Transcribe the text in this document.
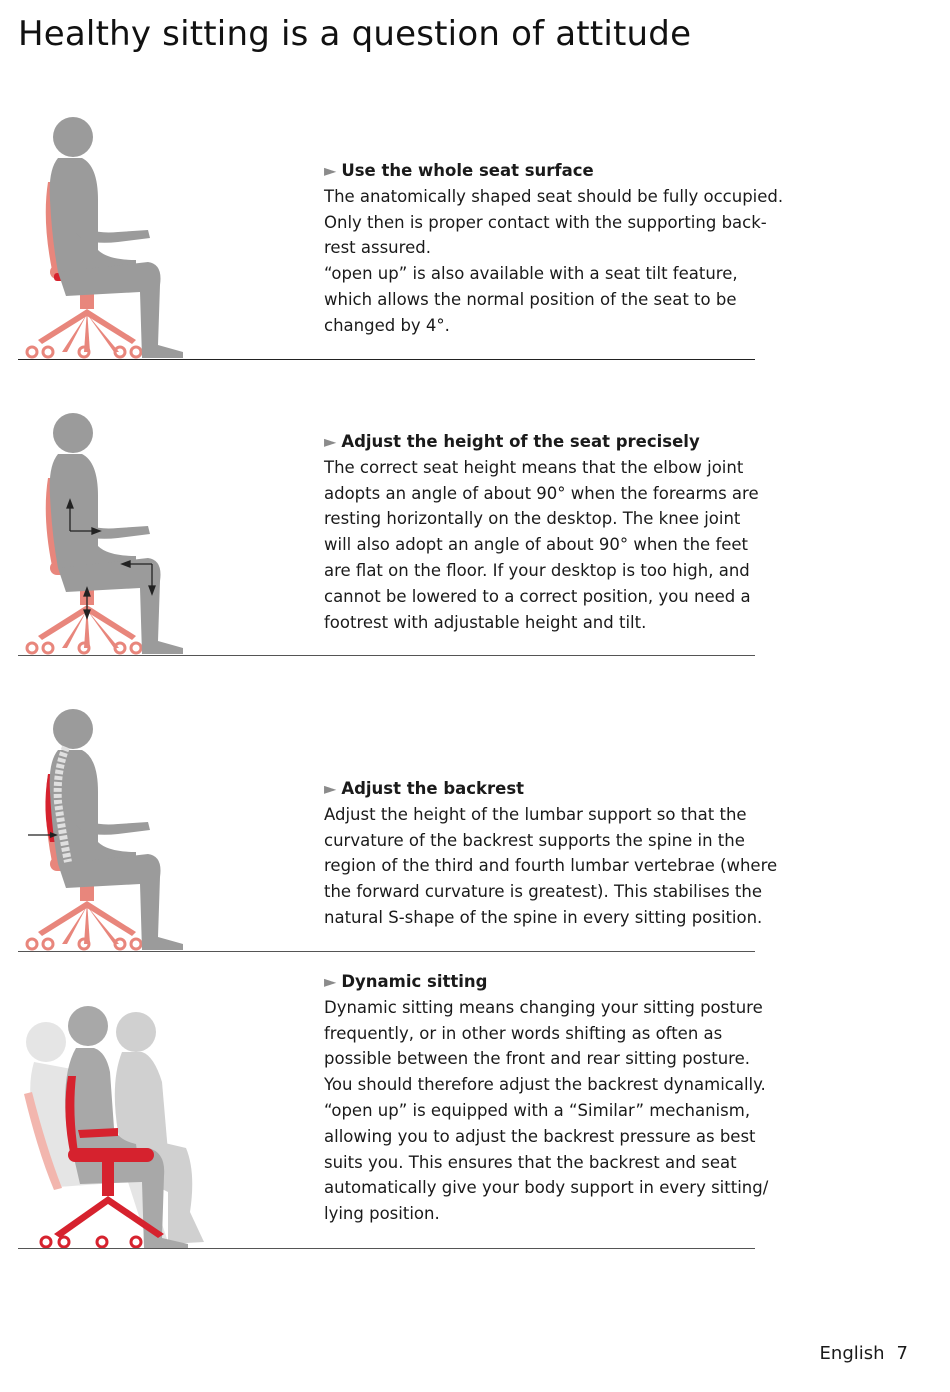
Healthy sitting is a question of attitude
► Use the whole seat surface
The anatomically shaped seat should be fully occupied.
Only then is proper contact with the supporting back-
rest assured.
“open up” is also available with a seat tilt feature,
which allows the normal position of the seat to be
changed by 4°.
► Adjust the height of the seat precisely
The correct seat height means that the elbow joint
adopts an angle of about 90° when the forearms are
resting horizontally on the desktop. The knee joint
will also adopt an angle of about 90° when the feet
are flat on the floor. If your desktop is too high, and
cannot be lowered to a correct position, you need a
footrest with adjustable height and tilt.
► Adjust the backrest
Adjust the height of the lumbar support so that the
curvature of the backrest supports the spine in the
region of the third and fourth lumbar vertebrae (where
the forward curvature is greatest). This stabilises the
natural S-shape of the spine in every sitting position.
► Dynamic sitting
Dynamic sitting means changing your sitting posture
frequently, or in other words shifting as often as
possible between the front and rear sitting posture.
You should therefore adjust the backrest dynamically.
“open up” is equipped with a “Similar” mechanism,
allowing you to adjust the backrest pressure as best
suits you. This ensures that the backrest and seat
automatically give your body support in every sitting/
lying position.
English 7
